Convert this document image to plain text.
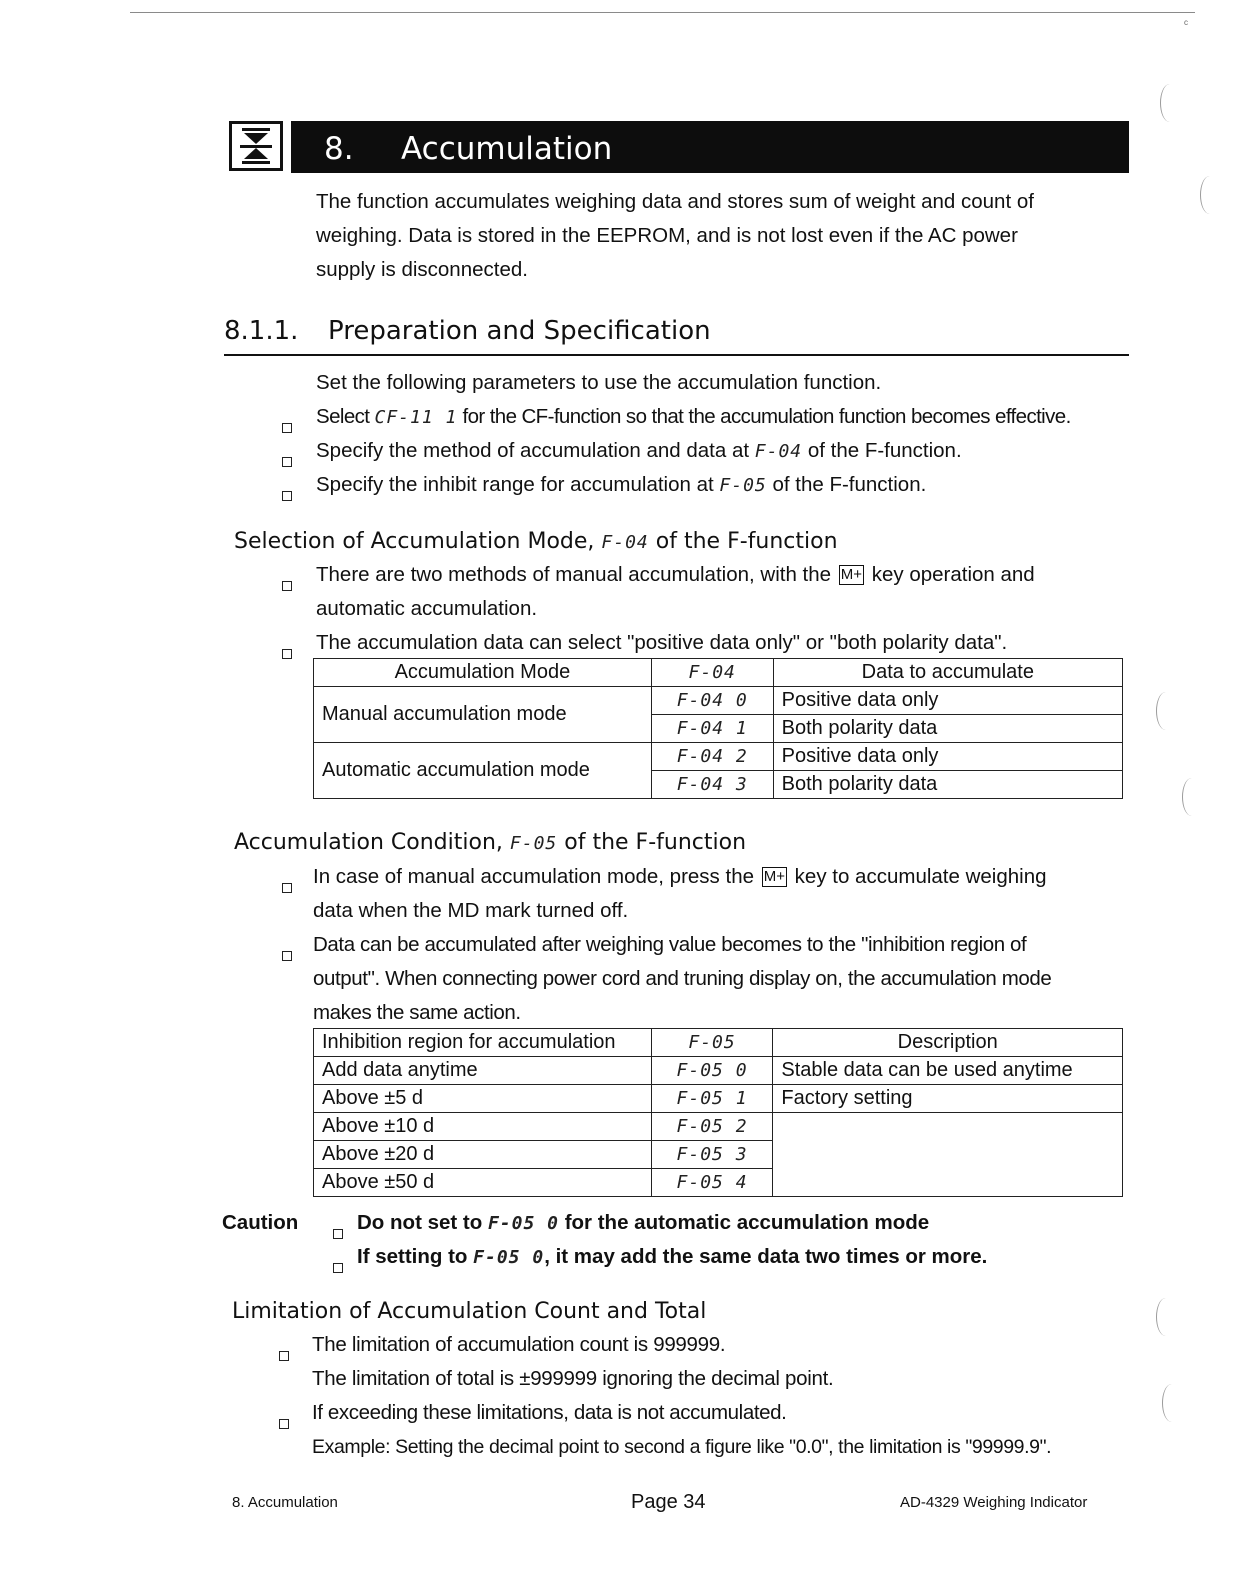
c
8. Accumulation
The function accumulates weighing data and stores sum of weight and count of
weighing. Data is stored in the EEPROM, and is not lost even if the AC power
supply is disconnected.
8.1.1. Preparation and Specification
Set the following parameters to use the accumulation function.
Select CF-11 1 for the CF-function so that the accumulation function becomes effective.
Specify the method of accumulation and data at F-04 of the F-function.
Specify the inhibit range for accumulation at F-05 of the F-function.
Selection of Accumulation Mode, F-04 of the F-function
There are two methods of manual accumulation, with the M+ key operation and
automatic accumulation.
The accumulation data can select "positive data only" or "both polarity data".
Accumulation Mode	F-04	Data to accumulate
Manual accumulation mode	F-04 0	Positive data only
	F-04 1	Both polarity data
Automatic accumulation mode	F-04 2	Positive data only
	F-04 3	Both polarity data
Accumulation Condition, F-05 of the F-function
In case of manual accumulation mode, press the M+ key to accumulate weighing
data when the MD mark turned off.
Data can be accumulated after weighing value becomes to the "inhibition region of
output". When connecting power cord and truning display on, the accumulation mode
makes the same action.
Inhibition region for accumulation	F-05	Description
Add data anytime	F-05 0	Stable data can be used anytime
Above ±5 d	F-05 1	Factory setting
Above ±10 d	F-05 2	
Above ±20 d	F-05 3	
Above ±50 d	F-05 4	
Caution	Do not set to F-05 0 for the automatic accumulation mode
If setting to F-05 0, it may add the same data two times or more.
Limitation of Accumulation Count and Total
The limitation of accumulation count is 999999.
The limitation of total is ±999999 ignoring the decimal point.
If exceeding these limitations, data is not accumulated.
Example: Setting the decimal point to second a figure like "0.0", the limitation is "99999.9".
8. Accumulation	Page 34	AD-4329 Weighing Indicator
